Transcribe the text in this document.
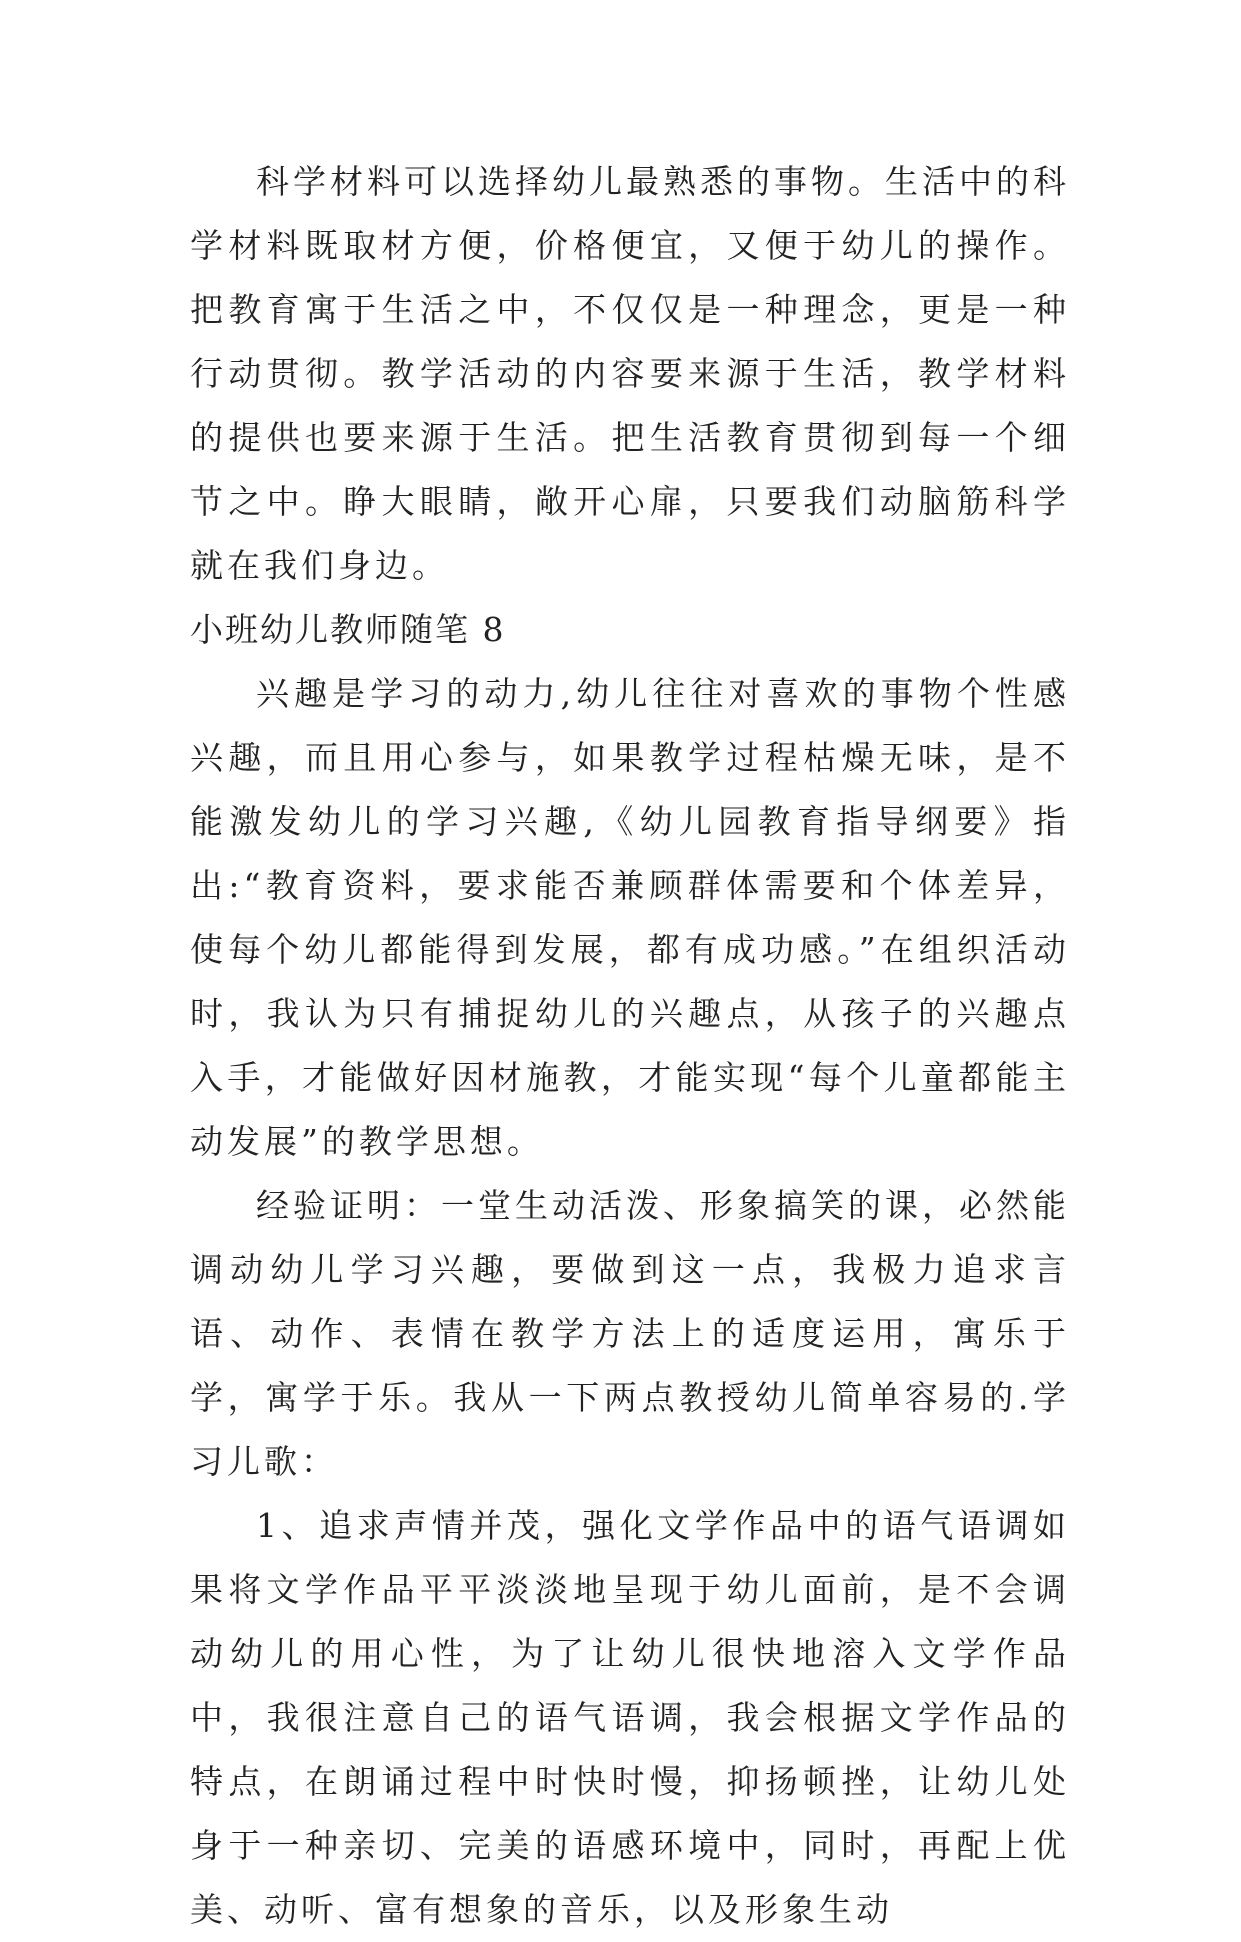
科学材料可以选择幼儿最熟悉的事物。生活中的科学材料既取材方便，价格便宜，又便于幼儿的操作。把教育寓于生活之中，不仅仅是一种理念，更是一种行动贯彻。教学活动的内容要来源于生活，教学材料的提供也要来源于生活。把生活教育贯彻到每一个细节之中。睁大眼睛，敞开心扉，只要我们动脑筋科学就在我们身边。

小班幼儿教师随笔 8

兴趣是学习的动力,幼儿往往对喜欢的事物个性感兴趣，而且用心参与，如果教学过程枯燥无味，是不能激发幼儿的学习兴趣,《幼儿园教育指导纲要》指出:“教育资料，要求能否兼顾群体需要和个体差异，使每个幼儿都能得到发展，都有成功感。”在组织活动时，我认为只有捕捉幼儿的兴趣点，从孩子的兴趣点入手，才能做好因材施教，才能实现“每个儿童都能主动发展”的教学思想。

经验证明：一堂生动活泼、形象搞笑的课，必然能调动幼儿学习兴趣，要做到这一点，我极力追求言语、动作、表情在教学方法上的适度运用，寓乐于学，寓学于乐。我从一下两点教授幼儿简单容易的.学习儿歌：

1、追求声情并茂，强化文学作品中的语气语调如果将文学作品平平淡淡地呈现于幼儿面前，是不会调动幼儿的用心性，为了让幼儿很快地溶入文学作品中，我很注意自己的语气语调，我会根据文学作品的特点，在朗诵过程中时快时慢，抑扬顿挫，让幼儿处身于一种亲切、完美的语感环境中，同时，再配上优美、动听、富有想象的音乐，以及形象生动
